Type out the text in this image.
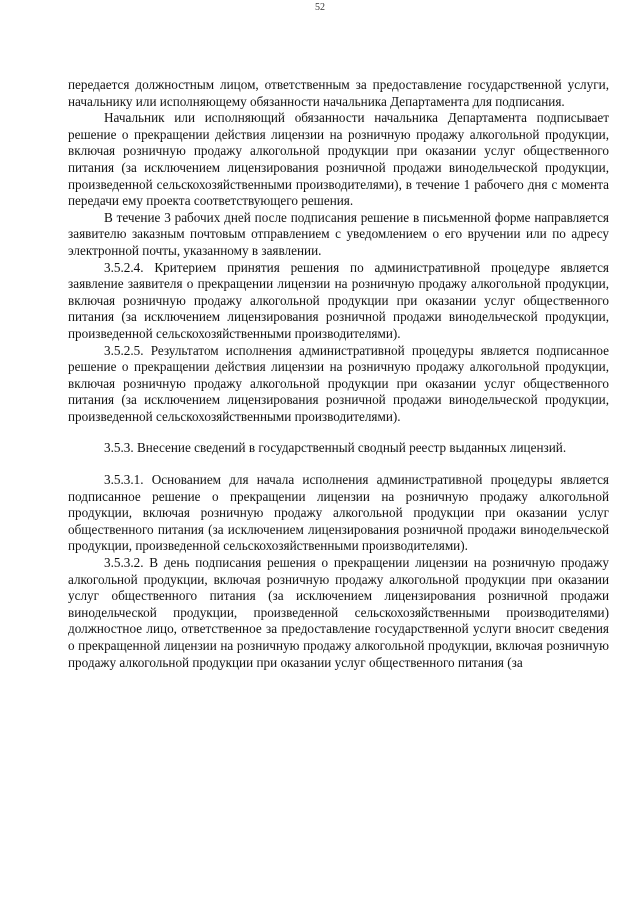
52

передается должностным лицом, ответственным за предоставление государственной услуги, начальнику или исполняющему обязанности начальника Департамента для подписания.

Начальник или исполняющий обязанности начальника Департамента подписывает решение о прекращении действия лицензии на розничную продажу алкогольной продукции, включая розничную продажу алкогольной продукции при оказании услуг общественного питания (за исключением лицензирования розничной продажи винодельческой продукции, произведенной сельскохозяйственными производителями), в течение 1 рабочего дня с момента передачи ему проекта соответствующего решения.

В течение 3 рабочих дней после подписания решение в письменной форме направляется заявителю заказным почтовым отправлением с уведомлением о его вручении или по адресу электронной почты, указанному в заявлении.

3.5.2.4. Критерием принятия решения по административной процедуре является заявление заявителя о прекращении лицензии на розничную продажу алкогольной продукции, включая розничную продажу алкогольной продукции при оказании услуг общественного питания (за исключением лицензирования розничной продажи винодельческой продукции, произведенной сельскохозяйственными производителями).

3.5.2.5. Результатом исполнения административной процедуры является подписанное решение о прекращении действия лицензии на розничную продажу алкогольной продукции, включая розничную продажу алкогольной продукции при оказании услуг общественного питания (за исключением лицензирования розничной продажи винодельческой продукции, произведенной сельскохозяйственными производителями).

3.5.3. Внесение сведений в государственный сводный реестр выданных лицензий.

3.5.3.1. Основанием для начала исполнения административной процедуры является подписанное решение о прекращении лицензии на розничную продажу алкогольной продукции, включая розничную продажу алкогольной продукции при оказании услуг общественного питания (за исключением лицензирования розничной продажи винодельческой продукции, произведенной сельскохозяйственными производителями).

3.5.3.2. В день подписания решения о прекращении лицензии на розничную продажу алкогольной продукции, включая розничную продажу алкогольной продукции при оказании услуг общественного питания (за исключением лицензирования розничной продажи винодельческой продукции, произведенной сельскохозяйственными производителями) должностное лицо, ответственное за предоставление государственной услуги вносит сведения о прекращенной лицензии на розничную продажу алкогольной продукции, включая розничную продажу алкогольной продукции при оказании услуг общественного питания (за
